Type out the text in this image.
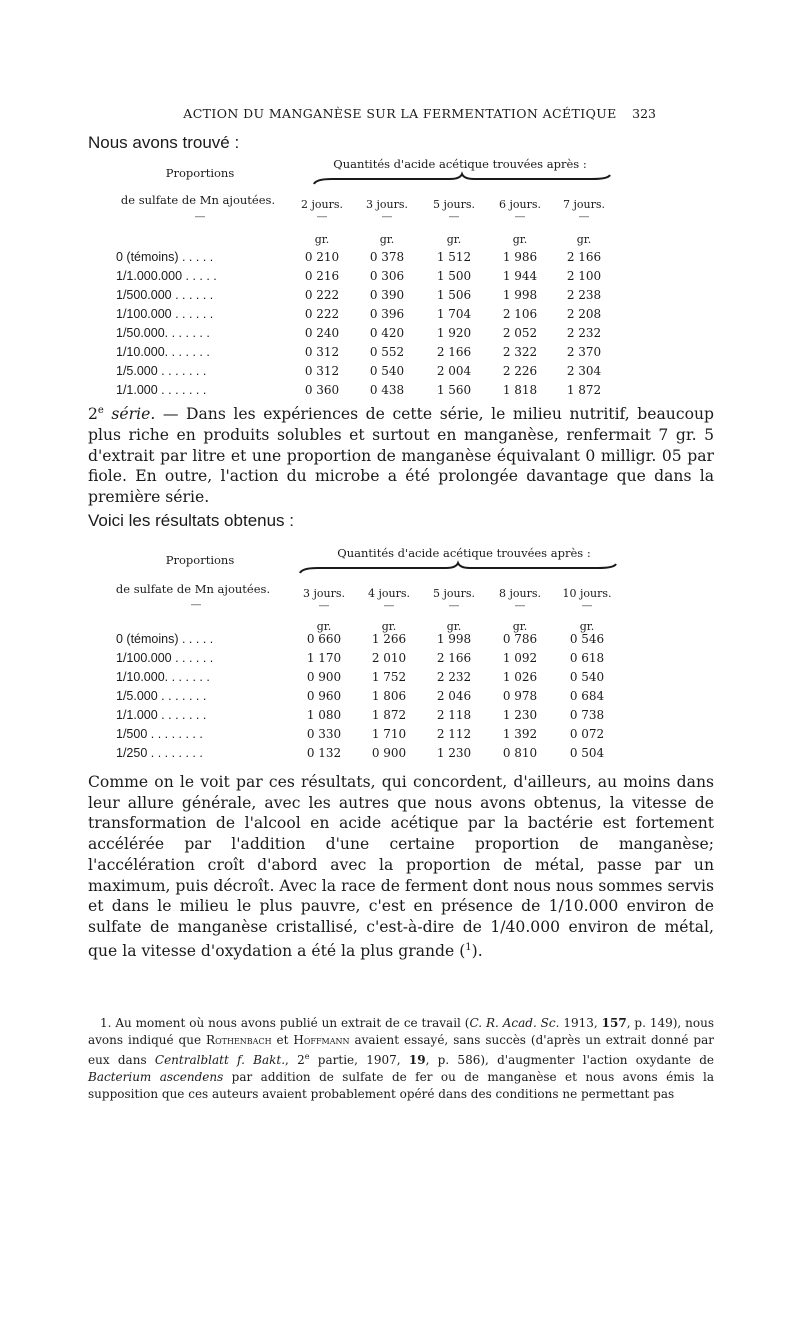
ACTION DU MANGANÈSE SUR LA FERMENTATION ACÉTIQUE	323
Nous avons trouvé :
Proportions
de sulfate de Mn ajoutées.
—
Quantités d'acide acétique trouvées après :
2 jours.	3 jours.	5 jours.	6 jours.	7 jours.
—	—	—	—	—
gr.	gr.	gr.	gr.	gr.
0 (témoins) . . . . .	0 210	0 378	1 512	1 986	2 166
1/1.000.000 . . . . .	0 216	0 306	1 500	1 944	2 100
1/500.000 . . . . . .	0 222	0 390	1 506	1 998	2 238
1/100.000 . . . . . .	0 222	0 396	1 704	2 106	2 208
1/50.000. . . . . . .	0 240	0 420	1 920	2 052	2 232
1/10.000. . . . . . .	0 312	0 552	2 166	2 322	2 370
1/5.000 . . . . . . .	0 312	0 540	2 004	2 226	2 304
1/1.000 . . . . . . .	0 360	0 438	1 560	1 818	1 872

2e série. — Dans les expériences de cette série, le milieu nutritif, beaucoup plus riche en produits solubles et surtout en manganèse, renfermait 7 gr. 5 d'extrait par litre et une proportion de manganèse équivalant 0 milligr. 05 par fiole. En outre, l'action du microbe a été prolongée davantage que dans la première série.

Voici les résultats obtenus :
Proportions
de sulfate de Mn ajoutées.
—
Quantités d'acide acétique trouvées après :
3 jours.	4 jours.	5 jours.	8 jours.	10 jours.
—	—	—	—	—
gr.	gr.	gr.	gr.	gr.
0 (témoins) . . . . .	0 660	1 266	1 998	0 786	0 546
1/100.000 . . . . . .	1 170	2 010	2 166	1 092	0 618
1/10.000. . . . . . .	0 900	1 752	2 232	1 026	0 540
1/5.000 . . . . . . .	0 960	1 806	2 046	0 978	0 684
1/1.000 . . . . . . .	1 080	1 872	2 118	1 230	0 738
1/500 . . . . . . . .	0 330	1 710	2 112	1 392	0 072
1/250 . . . . . . . .	0 132	0 900	1 230	0 810	0 504

Comme on le voit par ces résultats, qui concordent, d'ailleurs, au moins dans leur allure générale, avec les autres que nous avons obtenus, la vitesse de transformation de l'alcool en acide acétique par la bactérie est fortement accélérée par l'addition d'une certaine proportion de manganèse; l'accélération croît d'abord avec la proportion de métal, passe par un maximum, puis décroît. Avec la race de ferment dont nous nous sommes servis et dans le milieu le plus pauvre, c'est en présence de 1/10.000 environ de sulfate de manganèse cristallisé, c'est-à-dire de 1/40.000 environ de métal, que la vitesse d'oxydation a été la plus grande ($^1$).

1. Au moment où nous avons publié un extrait de ce travail (C. R. Acad. Sc. 1913, 157, p. 149), nous avons indiqué que Rothenbach et Hoffmann avaient essayé, sans succès (d'après un extrait donné par eux dans Centralblatt f. Bakt., 2e partie, 1907, 19, p. 586), d'augmenter l'action oxydante de Bacterium ascendens par addition de sulfate de fer ou de manganèse et nous avons émis la supposition que ces auteurs avaient probablement opéré dans des conditions ne permettant pas
